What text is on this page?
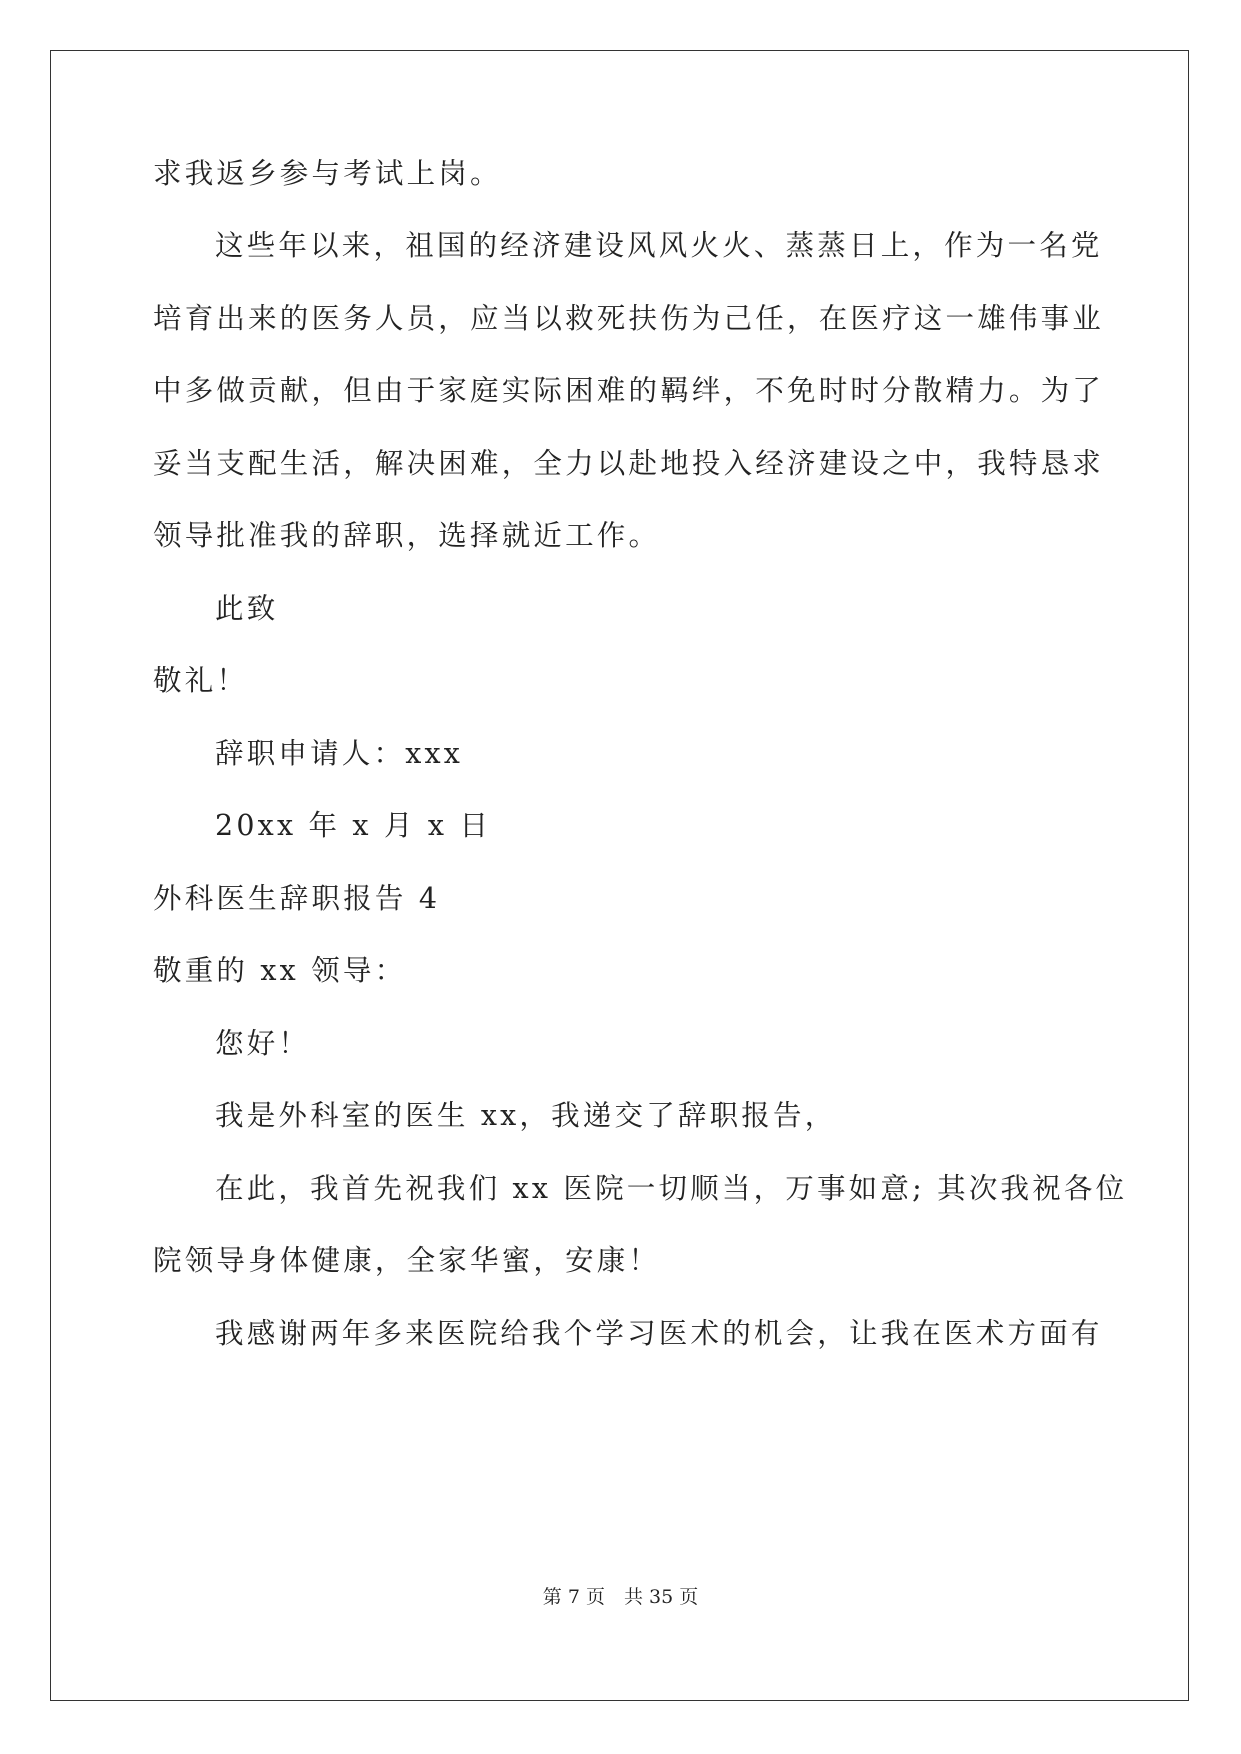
求我返乡参与考试上岗。
这些年以来，祖国的经济建设风风火火、蒸蒸日上，作为一名党
培育出来的医务人员，应当以救死扶伤为己任，在医疗这一雄伟事业
中多做贡献，但由于家庭实际困难的羁绊，不免时时分散精力。为了
妥当支配生活，解决困难，全力以赴地投入经济建设之中，我特恳求
领导批准我的辞职，选择就近工作。
此致
敬礼！
辞职申请人：xxx
20xx 年 x 月 x 日
外科医生辞职报告 4
敬重的 xx 领导：
您好！
我是外科室的医生 xx，我递交了辞职报告，
在此，我首先祝我们 xx 医院一切顺当，万事如意; 其次我祝各位
院领导身体健康，全家华蜜，安康！
我感谢两年多来医院给我个学习医术的机会，让我在医术方面有
第 7 页　共 35 页
